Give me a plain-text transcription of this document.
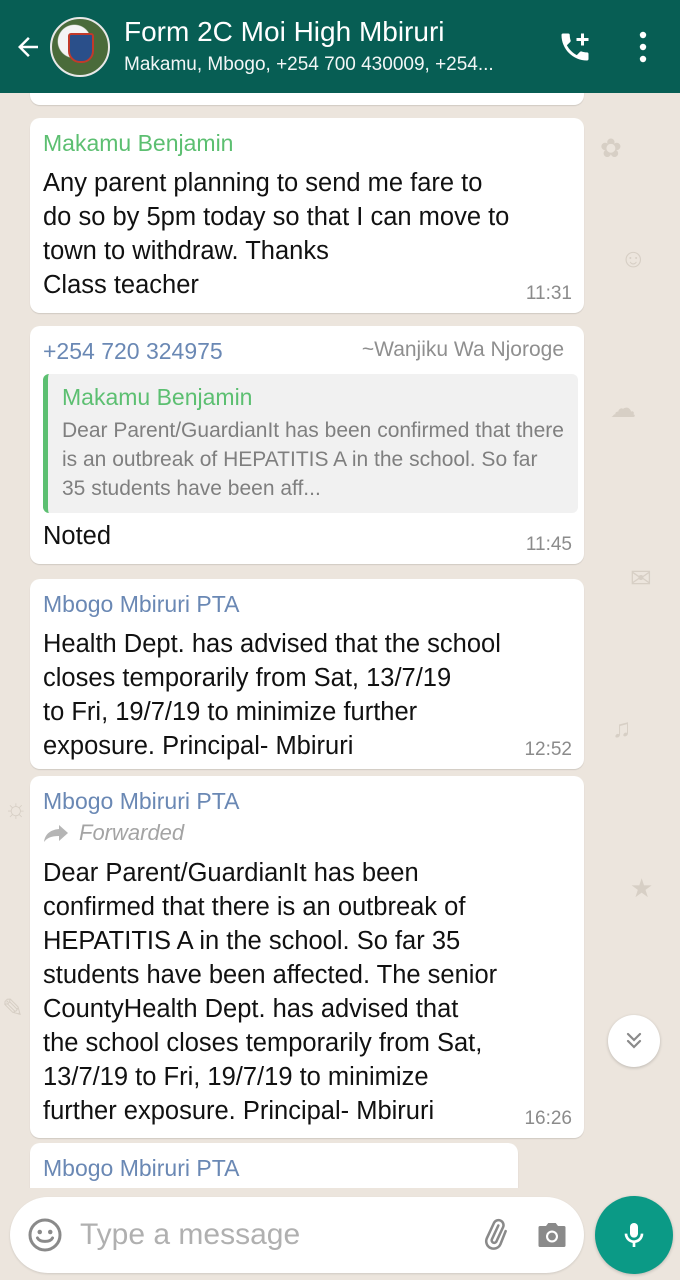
Form 2C Moi High Mbiruri
Makamu, Mbogo, +254 700 430009, +254...
✿
☺
☁
✉
♫
★
☼
✎
Makamu Benjamin
Any parent planning to send me fare to
do so by 5pm today so that I can move to
town to withdraw. Thanks
Class teacher	11:31
+254 720 324975	~Wanjiku Wa Njoroge
Makamu Benjamin
Dear Parent/GuardianIt has been confirmed that there is an outbreak of HEPATITIS A in the school. So far 35 students have been aff...
Noted	11:45
Mbogo Mbiruri PTA
Health Dept. has advised that the school
closes temporarily from Sat, 13/7/19
to Fri, 19/7/19 to minimize further
exposure. Principal- Mbiruri	12:52
Mbogo Mbiruri PTA
Forwarded
Dear Parent/GuardianIt has been
confirmed that there is an outbreak of
HEPATITIS A in the school. So far 35
students have been affected. The senior
CountyHealth Dept. has advised that
the school closes temporarily from Sat,
13/7/19 to Fri, 19/7/19 to minimize
further exposure. Principal- Mbiruri	16:26
Mbogo Mbiruri PTA
Type a message
